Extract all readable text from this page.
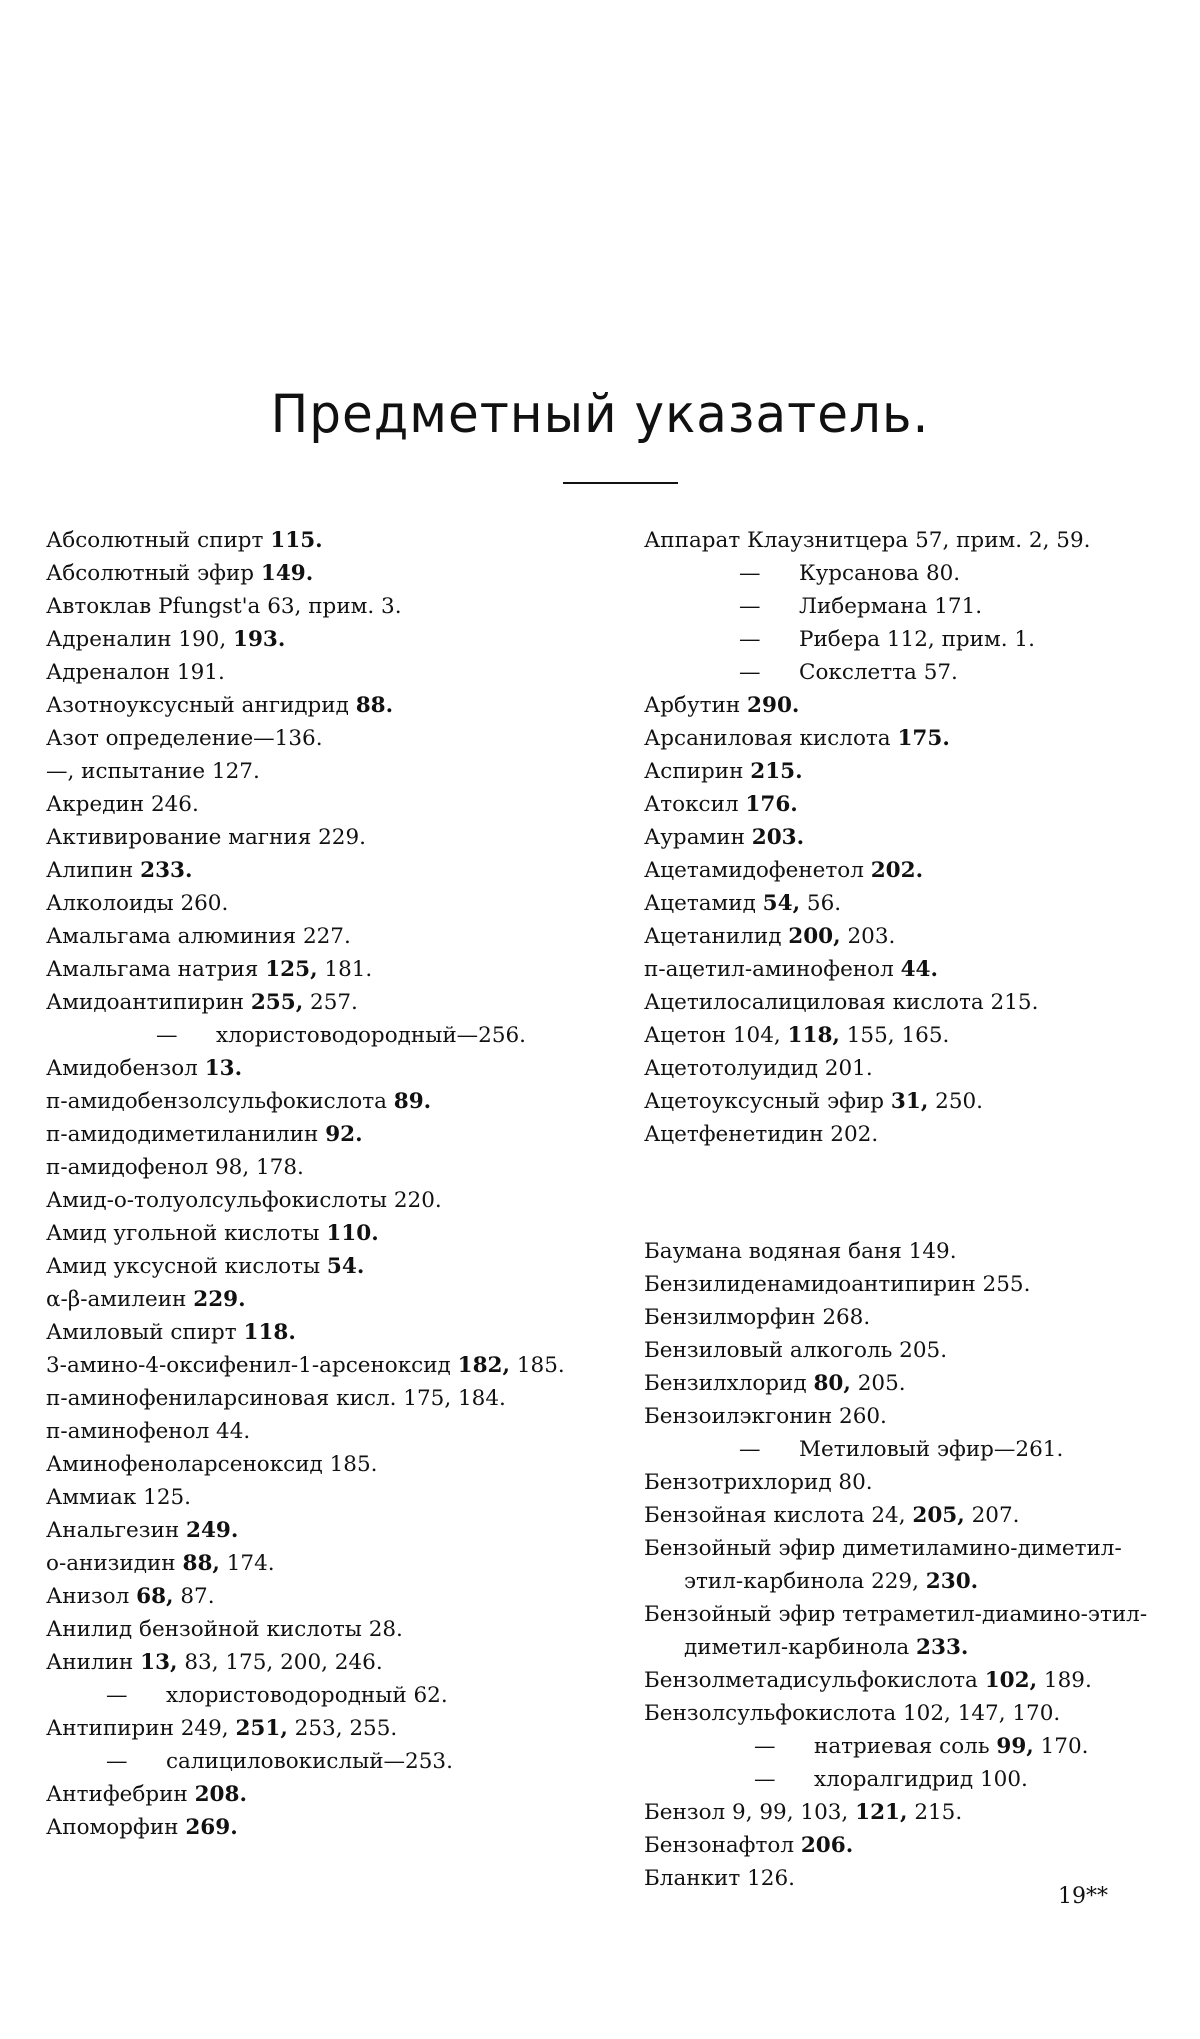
Предметный указатель.
Абсолютный спирт 115.
Абсолютный эфир 149.
Автоклав Pfungst'a 63, прим. 3.
Адреналин 190, 193.
Адреналон 191.
Азотноуксусный ангидрид 88.
Азот определение—136.
—, испытание 127.
Акредин 246.
Активирование магния 229.
Алипин 233.
Алколоиды 260.
Амальгама алюминия 227.
Амальгама натрия 125, 181.
Амидоантипирин 255, 257.
— хлористоводородный—256.
Амидобензол 13.
п-амидобензолсульфокислота 89.
п-амидодиметиланилин 92.
п-амидофенол 98, 178.
Амид-о-толуолсульфокислоты 220.
Амид угольной кислоты 110.
Амид уксусной кислоты 54.
α-β-амилеин 229.
Амиловый спирт 118.
3-амино-4-оксифенил-1-арсеноксид 182, 185.
п-аминофениларсиновая кисл. 175, 184.
п-аминофенол 44.
Аминофеноларсеноксид 185.
Аммиак 125.
Анальгезин 249.
о-анизидин 88, 174.
Анизол 68, 87.
Анилид бензойной кислоты 28.
Анилин 13, 83, 175, 200, 246.
— хлористоводородный 62.
Антипирин 249, 251, 253, 255.
— салициловокислый—253.
Антифебрин 208.
Апоморфин 269.
Аппарат Клаузнитцера 57, прим. 2, 59.
— Курсанова 80.
— Либермана 171.
— Рибера 112, прим. 1.
— Сокслетта 57.
Арбутин 290.
Арсаниловая кислота 175.
Аспирин 215.
Атоксил 176.
Аурамин 203.
Ацетамидофенетол 202.
Ацетамид 54, 56.
Ацетанилид 200, 203.
п-ацетил-аминофенол 44.
Ацетилосалициловая кислота 215.
Ацетон 104, 118, 155, 165.
Ацетотолуидид 201.
Ацетоуксусный эфир 31, 250.
Ацетфенетидин 202.
Баумана водяная баня 149.
Бензилиденамидоантипирин 255.
Бензилморфин 268.
Бензиловый алкоголь 205.
Бензилхлорид 80, 205.
Бензоилэкгонин 260.
— Метиловый эфир—261.
Бензотрихлорид 80.
Бензойная кислота 24, 205, 207.
Бензойный эфир диметиламино-диметил-этил-карбинола 229, 230.
Бензойный эфир тетраметил-диамино-этил-диметил-карбинола 233.
Бензолметадисульфокислота 102, 189.
Бензолсульфокислота 102, 147, 170.
— натриевая соль 99, 170.
— хлоралгидрид 100.
Бензол 9, 99, 103, 121, 215.
Бензонафтол 206.
Бланкит 126.
19**
